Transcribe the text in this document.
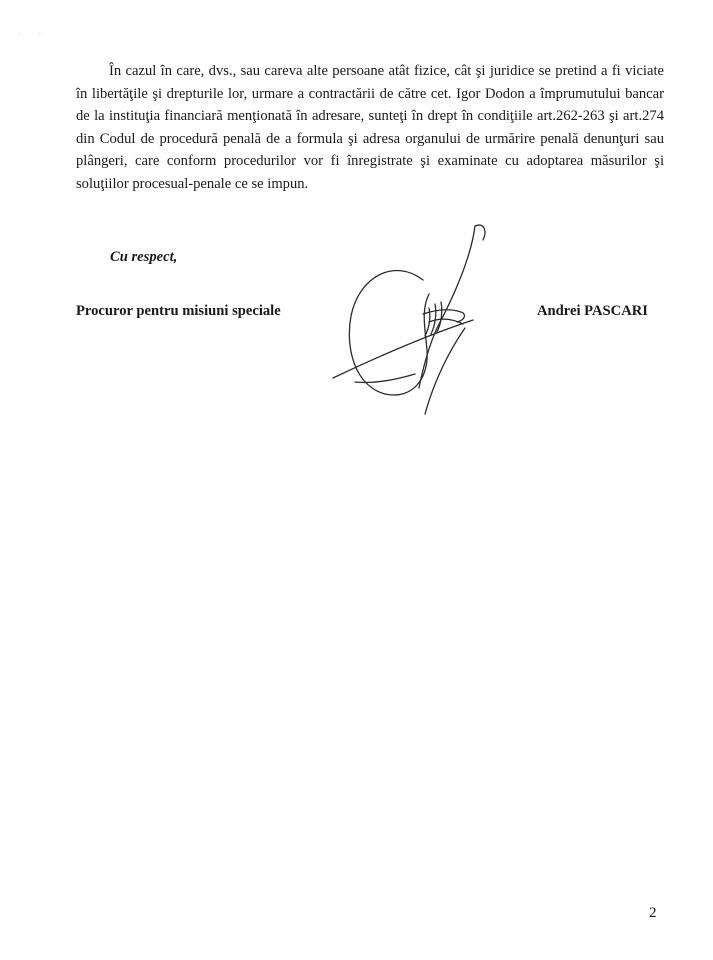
· ·

În cazul în care, dvs., sau careva alte persoane atât fizice, cât şi juridice se pretind a fi viciate în libertăţile şi drepturile lor, urmare a contractării de către cet. Igor Dodon a împrumutului bancar de la instituţia financiară menţionată în adresare, sunteţi în drept în condiţiile art.262-263 şi art.274 din Codul de procedură penală de a formula şi adresa organului de urmărire penală denunţuri sau plângeri, care conform procedurilor vor fi înregistrate şi examinate cu adoptarea măsurilor şi soluţiilor procesual-penale ce se impun.

Cu respect,

Procuror pentru misiuni speciale	Andrei PASCARI

2
